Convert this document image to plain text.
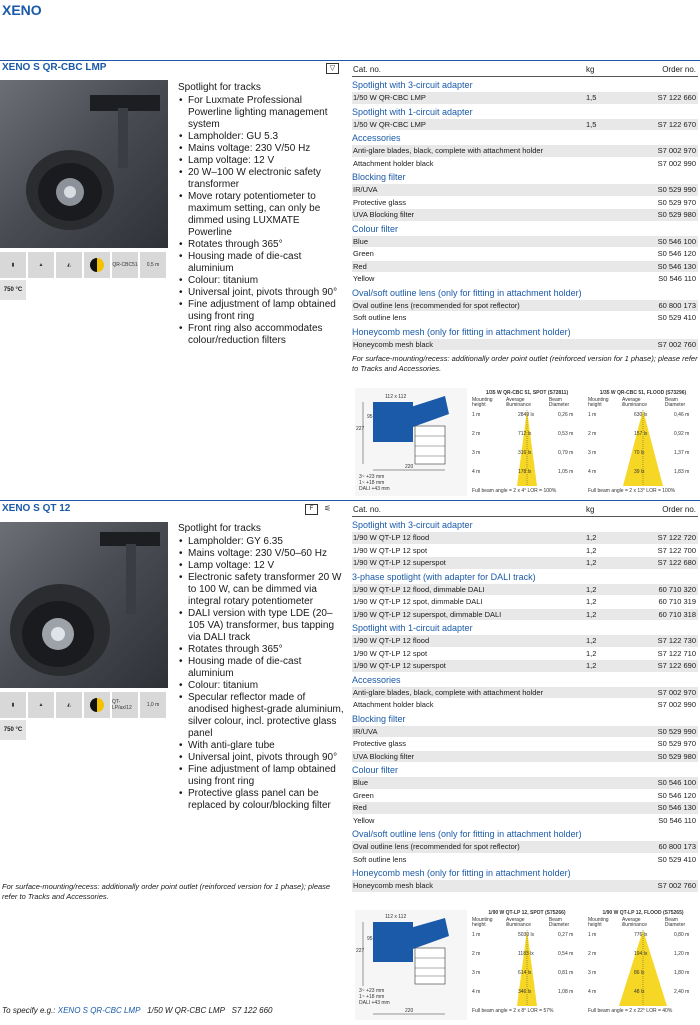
XENO
XENO S QR-CBC LMP	▽
▮	▲	◭	QR-CBC51	0,5 m
750 °C
Spotlight for tracks
• For Luxmate Professional Powerline lighting management system
• Lampholder: GU 5.3
• Mains voltage: 230 V/50 Hz
• Lamp voltage: 12 V
• 20 W–100 W electronic safety transformer
• Move rotary potentiometer to maximum setting, can only be dimmed using LUXMATE Powerline
• Rotates through 365°
• Housing made of die-cast aluminium
• Colour: titanium
• Universal joint, pivots through 90°
• Fine adjustment of lamp obtained using front ring
• Front ring also accommodates colour/reduction filters
Cat. no.	kg	Order no.
Spotlight with 3-circuit adapter
1/50 W QR-CBC LMP	1,5	S7 122 660
Spotlight with 1-circuit adapter
1/50 W QR-CBC LMP	1,5	S7 122 670
Accessories
Anti-glare blades, black, complete with attachment holder	S7 002 970
Attachment holder black	S7 002 990
Blocking filter
IR/UVA	S0 529 990
Protective glass	S0 529 970
UVA Blocking filter	S0 529 980
Colour filter
Blue	S0 546 100
Green	S0 546 120
Red	S0 546 130
Yellow	S0 546 110
Oval/soft outline lens (only for fitting in attachment holder)
Oval outline lens (recommended for spot reflector)	60 800 173
Soft outline lens	S0 529 410
Honeycomb mesh (only for fitting in attachment holder)
Honeycomb mesh black	S7 002 760
For surface-mounting/recess: additionally order point outlet (reinforced version for 1 phase); please refer to Tracks and Accessories.
112 x 112
227
95
220
3~ +23 mm
1~ +18 mm
DALI +43 mm
1/35 W QR-CBC 51, SPOT (S72811)
Mounting height
Average illuminance
Beam Diameter
Full beam angle = 2 x 4° LOR = 100%
1 m	2849 lx	0,26 m
2 m	712 lx	0,53 m
3 m	316 lx	0,79 m
4 m	178 lx	1,05 m
1/35 W QR-CBC 51, FLOOD (S73296)
Mounting height
Average illuminance
Beam Diameter
Full beam angle = 2 x 13° LOR = 100%
1 m	630 lx	0,46 m
2 m	157 lx	0,92 m
3 m	70 lx	1,37 m
4 m	39 lx	1,83 m
XENO S QT 12	F	⚟
▮	▲	◭	QT-LP/ax/12	1,0 m
750 °C
Spotlight for tracks
• Lampholder: GY 6.35
• Mains voltage: 230 V/50–60 Hz
• Lamp voltage: 12 V
• Electronic safety transformer 20 W to 100 W, can be dimmed via integral rotary potentiometer
• DALI version with type LDE (20–105 VA) transformer, bus tapping via DALI track
• Rotates through 365°
• Housing made of die-cast aluminium
• Colour: titanium
• Specular reflector made of anodised highest-grade aluminium, silver colour, incl. protective glass panel
• With anti-glare tube
• Universal joint, pivots through 90°
• Fine adjustment of lamp obtained using front ring
• Protective glass panel can be replaced by colour/blocking filter
For surface-mounting/recess: additionally order point outlet (reinforced version for 1 phase); please refer to Tracks and Accessories.
Cat. no.	kg	Order no.
Spotlight with 3-circuit adapter
1/90 W QT-LP 12 flood	1,2	S7 122 720
1/90 W QT-LP 12 spot	1,2	S7 122 700
1/90 W QT-LP 12 superspot	1,2	S7 122 680
3-phase spotlight (with adapter for DALI track)
1/90 W QT-LP 12 flood, dimmable DALI	1,2	60 710 320
1/90 W QT-LP 12 spot, dimmable DALI	1,2	60 710 319
1/90 W QT-LP 12 superspot, dimmable DALI	1,2	60 710 318
Spotlight with 1-circuit adapter
1/90 W QT-LP 12 flood	1,2	S7 122 730
1/90 W QT-LP 12 spot	1,2	S7 122 710
1/90 W QT-LP 12 superspot	1,2	S7 122 690
Accessories
Anti-glare blades, black, complete with attachment holder	S7 002 970
Attachment holder black	S7 002 990
Blocking filter
IR/UVA	S0 529 990
Protective glass	S0 529 970
UVA Blocking filter	S0 529 980
Colour filter
Blue	S0 546 100
Green	S0 546 120
Red	S0 546 130
Yellow	S0 546 110
Oval/soft outline lens (only for fitting in attachment holder)
Oval outline lens (recommended for spot reflector)	60 800 173
Soft outline lens	S0 529 410
Honeycomb mesh (only for fitting in attachment holder)
Honeycomb mesh black	S7 002 760
112 x 112
227
95
220
3~ +23 mm
1~ +18 mm
DALI +43 mm
1/90 W QT-LP 12, SPOT (S75266)
Mounting height
Average illuminance
Beam Diameter
Full beam angle = 2 x 8° LOR = 57%
1 m	5030 lx	0,27 m
2 m	1183 lx	0,54 m
3 m	614 lx	0,81 m
4 m	346 lx	1,08 m
1/90 W QT-LP 12, FLOOD (S75265)
Mounting height
Average illuminance
Beam Diameter
Full beam angle = 2 x 22° LOR = 40%
1 m	776 lx	0,80 m
2 m	194 lx	1,20 m
3 m	86 lx	1,80 m
4 m	48 lx	2,40 m
To specify e.g.: XENO S QR-CBC LMP 1/50 W QR-CBC LMP S7 122 660
